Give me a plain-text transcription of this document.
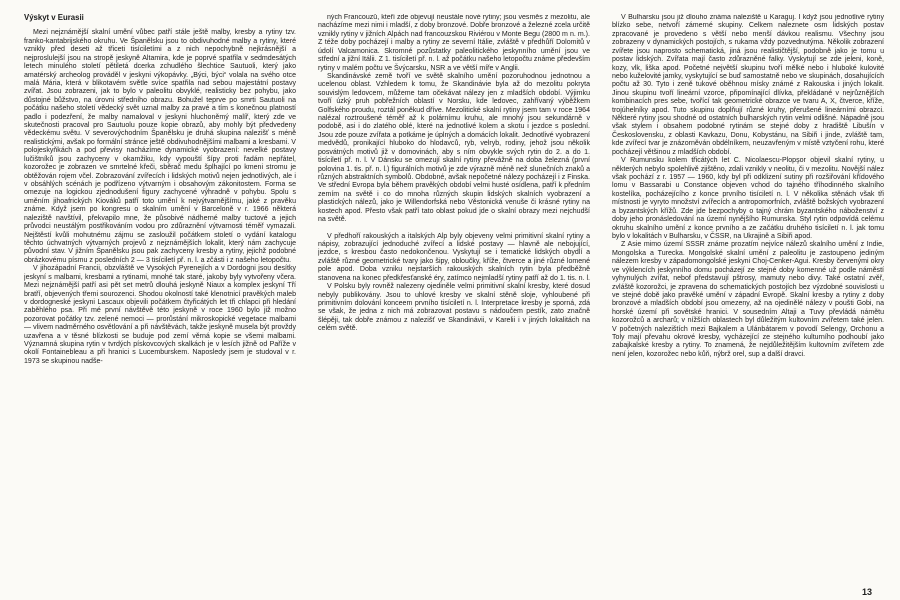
Výskyt v Eurasii

Mezi nejznámější skalní umění vůbec patří stále ještě malby, kresby a rytiny tzv. franko-kantabrijského okruhu. Ve Španělsku jsou to obdivuhodné malby a rytiny, které vznikly před deseti až třiceti tisíciletími a z nich nepochybně nejkrásnější a nejproslulejší jsou na stropě jeskyně Altamira, kde je poprvé spatřila v sedmdesátých letech minulého století pětiletá dcerka zchudlého šlechtice Sautuoli, který jako amatérský archeolog prováděl v jeskyni výkopávky. „Býci, býci“ volala na svého otce malá Mária, která v blikotavém světle svíce spatřila nad sebou majestátní postavy zvířat. Jsou zobrazeni, jak to bylo v paleolitu obvyklé, realisticky bez pohybu, jako důstojné bůžstvo, na úrovni středního obrazu. Bohužel teprve po smrti Sautuoli na počátku našeho století vědecký svět uznal malby za pravé a tím s konečnou platností padlo i podezření, že malby namaloval v jeskyni hluchoněmý malíř, který zde ve skutečnosti pracoval pro Sautuolu pouze kopie obrazů, aby mohly být předvedeny vědeckému světu. V severovýchodním Španělsku je druhá skupina nalezišť s méně realistickými, avšak po formální stránce ještě obdivuhodnějšími malbami a kresbami. V polojeskyňkách a pod převisy nacházíme dynamické vyobrazení: nevelké postavy lučištníků jsou zachyceny v okamžiku, kdy vypouští šípy proti řadám nepřátel, kozorožec je zobrazen ve smrtelné křeči, sběrač medu šplhající po kmeni stromu je obtěžován rojem včel. Zobrazování zvířecích i lidských motivů nejen jednotlivých, ale i v obsáhlých scénách je podřízeno výtvarným i obsahovým zákonitostem. Forma se omezuje na logickou zjednodušení figury zachycené výhradně v pohybu. Spolu s uměním jihoafrických Kiováků patří toto umění k nejvýtvarnějšímu, jaké z pravěku známe. Když jsem po kongresu o skalním umění v Barceloně v r. 1966 některá naleziště navštívil, překvapilo mne, že působivé nádherné malby tuctové a jejich průvodci neustálým postřikováním vodou pro zdůraznění výtvarnosti téměř vymazali. Nejštěstí kvůli mohutnému zájmu se zasloužil počátkem století o vydání katalogu těchto úchvatných výtvarných projevů z nejznámějších lokalit, který nám zachycuje původní stav. V jižním Španělsku jsou pak zachyceny kresby a rytiny, jejichž podobné obrázkovému písmu z posledních 2 — 3 tisíciletí př. n. l. a zčásti i z našeho letopočtu.

V jihozápadní Francii, obzvláště ve Vysokých Pyrenejích a v Dordogni jsou desítky jeskyní s malbami, kresbami a rytinami, mnohé tak staré, jakoby byly vytvořeny včera. Mezi nejznámější patří asi pět set metrů dlouhá jeskyně Niaux a komplex jeskyní Tří bratří, objevených třemi sourozenci. Shodou okolností také klenotnicí pravěkých maleb v dordogneské jeskyni Lascaux objevili počátkem čtyřicátých let tři chlapci při hledání zaběhlého psa. Při mé první návštěvě této jeskyně v roce 1960 bylo již možno pozorovat počátky tzv. zelené nemoci — prorůstání mikroskopické vegetace malbami — vlivem nadměrného osvětlování a při návštěvách, takže jeskyně musela být provždy uzavřena a v těsné blízkosti se buduje pod zemí věrná kopie se všemi malbami. Významná skupina rytin v tvrdých pískovcových skalkách je v lesích jižně od Paříže v okolí Fontainebleau a při hranici s Lucemburskem. Naposledy jsem je studoval v r. 1973 se skupinou nadše-

ných Francouzů, kteří zde objevují neustále nové rytiny; jsou vesměs z mezolitu, ale nacházíme mezi nimi i mladší, z doby bronzové. Dobře bronzové a železné zcela určitě vznikly rytiny v jižních Alpách nad francouzskou Riviérou v Monte Begu (2800 m n. m.). Z téže doby pocházejí i malby a rytiny ze severní Itálie, zvláště v předhůří Dolomitů v údolí Valcamonica. Skromné pozůstatky paleolitického jeskynního umění jsou ve střední a jižní Itálii. Z 1. tisíciletí př. n. l. až počátku našeho letopočtu známe především rytiny v malém počtu ve Švýcarsku, NSR a ve větší míře v Anglii.

Skandinávské země tvoří ve světě skalního umění pozoruhodnou jednotnou a ucelenou oblast. Vzhledem k tomu, že Skandinávie byla až do mezolitu pokryta souvislým ledovcem, můžeme tam očekávat nálezy jen z mladších období. Výjimku tvoří úzký pruh pobřežních oblastí v Norsku, kde ledovec, zahřívaný výběžkem Golfského proudu, roztál poněkud dříve. Mezolitické skalní rytiny jsem tam v roce 1964 nalézal roztroušené téměř až k polárnímu kruhu, ale mnohý jsou sekundárně v podobě, asi i do zlatého oblé, které na jednotlivé kolem a skotu i jezdce s poslední. Jsou zde pouze zvířata a potkáme je úplných a domácích lokalit. Jednotlivé vyobrazení medvědů, pronikající hluboko do hlodavců, ryb, velryb, rodiny, jehož jsou několik posvátných motivů již v domovinách, aby s ním obvykle svých rytin do 2. a do 1. tisíciletí př. n. l. V Dánsku se omezují skalní rytiny převážně na doba železná (první polovina 1. tis. př. n. l.) figurálních motivů je zde výrazně méně než slunečních znaků a různých abstraktních symbolů. Obdobné, avšak nepočetné nálezy pocházejí i z Finska. Ve střední Evropa byla během pravěkých období velmi husté osídlena, patří k předním zemím na světě i co do mnoha různých skupin lidských skalních vyobrazení a plastických nálezů, jako je Willendorfská nebo Věstonická venuše či krásné rytiny na kostech apod. Přesto však patří tato oblast pokud jde o skalní obrazy mezi nejchudší na světě.

V předhoří rakouských a italských Alp byly objeveny velmi primitivní skalní rytiny a nápisy, zobrazující jednoduché zvířecí a lidské postavy — hlavně ale nebojující, jezdce, s kresbou často nedokončenou. Vyskytují se i tematické lidských obydlí a zvláště různé geometrické tvary jako šipy, obloučky, kříže, čtverce a jiné různé lomené pole apod. Doba vzniku nejstarších rakouských skalních rytin byla předběžně stanovena na konec předkřesťanské éry, zatímco nejmladší rytiny patří až do 1. tis. n. l.

V Polsku byly rovněž nalezeny ojediněle velmi primitivní skalní kresby, které dosud nebyly publikovány. Jsou to uhlové kresby ve skalní stěně sloje, vyhloubené při primitivním dolování konceem prvního tisíciletí n. l. Interpretace kresby je sporná, zdá se však, že jedna z nich má zobrazovat postavu s nádoučem pestík, zato značně šlépěji, tak dobře známou z nalezišť ve Skandinávii, v Karelii i v jiných lokalitách na celém světě.

V Bulharsku jsou již dlouho známa naleziště u Karaguj. I když jsou jednotlivé rytiny blízko sebe, netvoří zámerné skupiny. Celkem naleznete osm lidských postav zpracované je provedeno s větší nebo menší dávkou realismu. Všechny jsou zobrazeny v dynamických postojích, s rukama vždy pozvednutýma. Několik zobrazení zvířete jsou naprosto schematická, jiná jsou realističtější, podobně jako je tomu u postav lidských. Zvířata mají často zdůrazněné falky. Vyskytují se zde jeleni, koně, kozy, vlk, liška apod. Početné největší skupinu tvoří mělké nebo i hluboké kulovité nebo kuželovité jamky, vyskytující se buď samostatně nebo ve skupinách, dosahujících počtu až 30. Tyto i zeně tukové oběhnou mísky známé z Rakouska i jiných lokalit. Jinou skupinu tvoří lineární vzorce, připomínající dlívka, překládané v nejrůznějších kombinacích pres sebe, tvořící tak geometrické obrazce ve tvaru A, X, čtverce, kříže, trojúhelníky apod. Tuto skupinu doplňují různé kruhy, přerušené lineárními obrazci. Některé rytiny jsou shodné od ostatních bulharských rytin velmi odlišné. Nápadně jsou však stylem i obsahem podobné rytinám se stejné doby z hradiště Libušín v Československu, z oblasti Kavkazu, Donu, Kobystánu, na Sibiři i jinde, zvláště tam, kde zvířecí tvar je znázorněván obdélníkem, neuzavřeným v místě vztyčení rohu, které pocházejí většinou z mladších období.

V Rumunsku kolem třicátých let C. Nicolaescu-Plopşor objevil skalní rytiny, u některých nebylo spolehlivě zjištěno, zdali vznikly v neolitu, či v mezolitu. Novější nález však pochází z r. 1957 — 1960, kdy byl při odklizení sutiny při rozšiřování křídového lomu v Bassarabi u Constance objeven vchod do tajného tříhodinného skalního kostelíka, pocházejícího z konce prvního tisíciletí n. l. V několika stěnách však tři místnosti je vyryto množství zvířecích a antropomorfních, zvláště božských vyobrazení a byzantských křížů. Zde jde bezpochyby o tajný chrám byzantského náboženství z doby jeho pronásledování na území nynějšího Rumunska. Styl rytin odpovídá celému okruhu skalního umění z konce prvního a ze začátku druhého tisíciletí n. l. jak tomu bylo v lokalitách v Bulharsku, v ČSSR, na Ukrajině a Sibiři apod.

Z Asie mimo území SSSR známe prozatím nejvíce nálezů skalního umění z Indie, Mongolska a Turecka. Mongolské skalní umění z paleolitu je zastoupeno jediným nálezem kresby v západomongolské jeskyni Choj-Cenker-Agui. Kresby červenými okry ve výklencích jeskynního domu pocházejí ze stejné doby komenné už podle náměstí vyhynulých zvířat, nebof představují pštrosy, mamuty nebo divy. Také ostatní zvěř, zvláště kozorožci, je zpravena do schematických postojích bez výzdobné souvislosti u ve stejné době jako pravěké umění v západní Evropě. Skalní kresby a rytiny z doby bronzové a mladších období jsou omezeny, až na ojedinělé nálezy v poušti Gobi, na horské území při sovětské hranici. V sousedním Altaji a Tuvy převládá námětu kozorožců a archarů; v nížších oblastech byl důležitým kultovním zvířetem také jelen. V početných nalezištích mezi Bajkalem a Ulánbátarem v povodí Selengy, Orchonu a Toly mají převahu okrové kresby, vycházející ze stejného kulturního podhoubí jako zabajkalské kresby a rytiny. To znamená, že nejdůležitějším kultovním zvířetem zde není jelen, kozorožec nebo kůň, nýbrž orel, sup a další dravci.

13
